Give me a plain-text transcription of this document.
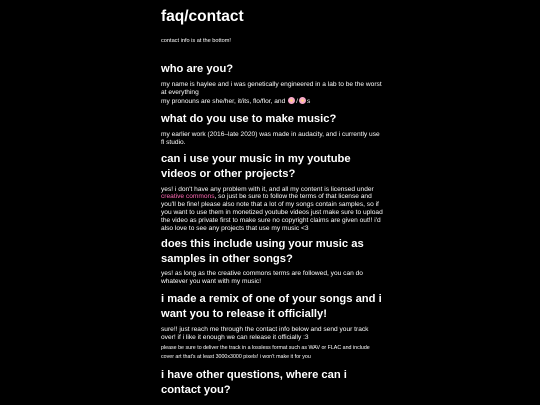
faq/contact
contact info is at the bottom!
who are you?

my name is haylee and i was genetically engineered in a lab to be the worst at everything
my pronouns are she/her, it/its, flo/flor, and / s

what do you use to make music?

my earlier work (2016–late 2020) was made in audacity, and i currently use fl studio.

can i use your music in my youtube videos or other projects?

yes! i don't have any problem with it, and all my content is licensed under creative commons, so just be sure to follow the terms of that license and you'll be fine! please also note that a lot of my songs contain samples, so if you want to use them in monetized youtube videos just make sure to upload the video as private first to make sure no copyright claims are given out!! i'd also love to see any projects that use my music <3

does this include using your music as samples in other songs?

yes! as long as the creative commons terms are followed, you can do whatever you want with my music!

i made a remix of one of your songs and i want you to release it officially!

sure!! just reach me through the contact info below and send your track over! if i like it enough we can release it officially :3

please be sure to deliver the track in a lossless format such as WAV or FLAC and include cover art that's at least 3000x3000 pixels! i won't make it for you

i have other questions, where can i contact you?
